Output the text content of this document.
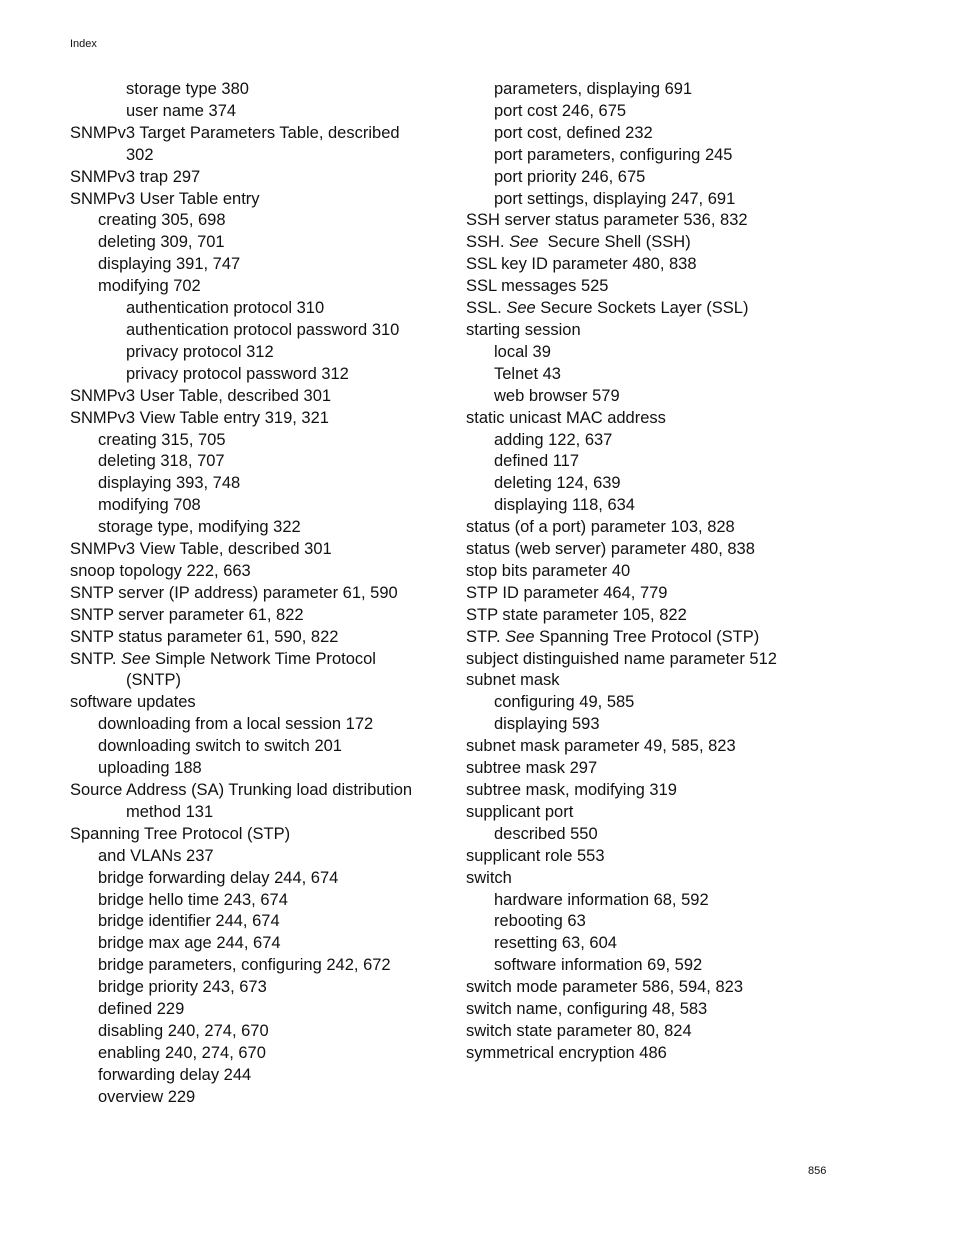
Index
storage type 380
user name 374
SNMPv3 Target Parameters Table, described
302
SNMPv3 trap 297
SNMPv3 User Table entry
creating 305, 698
deleting 309, 701
displaying 391, 747
modifying 702
authentication protocol 310
authentication protocol password 310
privacy protocol 312
privacy protocol password 312
SNMPv3 User Table, described 301
SNMPv3 View Table entry 319, 321
creating 315, 705
deleting 318, 707
displaying 393, 748
modifying 708
storage type, modifying 322
SNMPv3 View Table, described 301
snoop topology 222, 663
SNTP server (IP address) parameter 61, 590
SNTP server parameter 61, 822
SNTP status parameter 61, 590, 822
SNTP. See Simple Network Time Protocol
(SNTP)
software updates
downloading from a local session 172
downloading switch to switch 201
uploading 188
Source Address (SA) Trunking load distribution
method 131
Spanning Tree Protocol (STP)
and VLANs 237
bridge forwarding delay 244, 674
bridge hello time 243, 674
bridge identifier 244, 674
bridge max age 244, 674
bridge parameters, configuring 242, 672
bridge priority 243, 673
defined 229
disabling 240, 274, 670
enabling 240, 274, 670
forwarding delay 244
overview 229
parameters, displaying 691
port cost 246, 675
port cost, defined 232
port parameters, configuring 245
port priority 246, 675
port settings, displaying 247, 691
SSH server status parameter 536, 832
SSH. See  Secure Shell (SSH)
SSL key ID parameter 480, 838
SSL messages 525
SSL. See Secure Sockets Layer (SSL)
starting session
local 39
Telnet 43
web browser 579
static unicast MAC address
adding 122, 637
defined 117
deleting 124, 639
displaying 118, 634
status (of a port) parameter 103, 828
status (web server) parameter 480, 838
stop bits parameter 40
STP ID parameter 464, 779
STP state parameter 105, 822
STP. See Spanning Tree Protocol (STP)
subject distinguished name parameter 512
subnet mask
configuring 49, 585
displaying 593
subnet mask parameter 49, 585, 823
subtree mask 297
subtree mask, modifying 319
supplicant port
described 550
supplicant role 553
switch
hardware information 68, 592
rebooting 63
resetting 63, 604
software information 69, 592
switch mode parameter 586, 594, 823
switch name, configuring 48, 583
switch state parameter 80, 824
symmetrical encryption 486
856
